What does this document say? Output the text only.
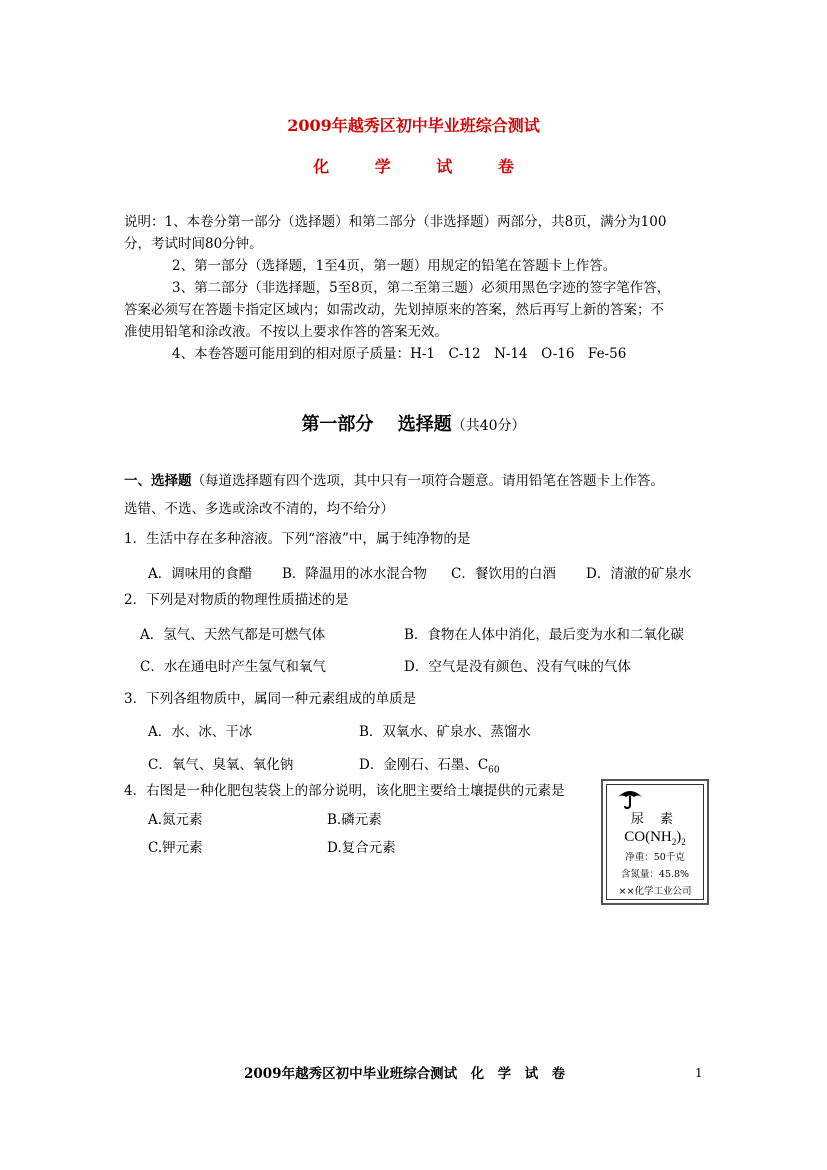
2009年越秀区初中毕业班综合测试
化 学 试 卷
说明：1、本卷分第一部分（选择题）和第二部分（非选择题）两部分，共8页，满分为100
分，考试时间80分钟。
2、第一部分（选择题，1至4页，第一题）用规定的铅笔在答题卡上作答。
3、第二部分（非选择题，5至8页，第二至第三题）必须用黑色字迹的签字笔作答，
答案必须写在答题卡指定区域内；如需改动，先划掉原来的答案，然后再写上新的答案；不
准使用铅笔和涂改液。不按以上要求作答的答案无效。
4、本卷答题可能用到的相对原子质量：H-1　C-12　N-14　O-16　Fe-56
第一部分　 选择题（共40分）
一、选择题（每道选择题有四个选项，其中只有一项符合题意。请用铅笔在答题卡上作答。
选错、不选、多选或涂改不清的，均不给分）
1．生活中存在多种溶液。下列“溶液”中，属于纯净物的是
A．调味用的食醋 B．降温用的冰水混合物 C．餐饮用的白酒 D．清澈的矿泉水
2．下列是对物质的物理性质描述的是
A．氢气、天然气都是可燃气体	B．食物在人体中消化，最后变为水和二氧化碳
C．水在通电时产生氢气和氧气	D．空气是没有颜色、没有气味的气体
3．下列各组物质中，属同一种元素组成的单质是
A．水、冰、干冰	B．双氧水、矿泉水、蒸馏水
C．氧气、臭氧、氧化钠	D．金刚石、石墨、$C_{60}$
4．右图是一种化肥包装袋上的部分说明，该化肥主要给土壤提供的元素是
A.氮元素	B.磷元素
C.钾元素	D.复合元素
尿 素
$CO(NH_2)_2$
净重：50千克
含氮量：45.8%
××化学工业公司
2009年越秀区初中毕业班综合测试　化　学　试　卷	1
